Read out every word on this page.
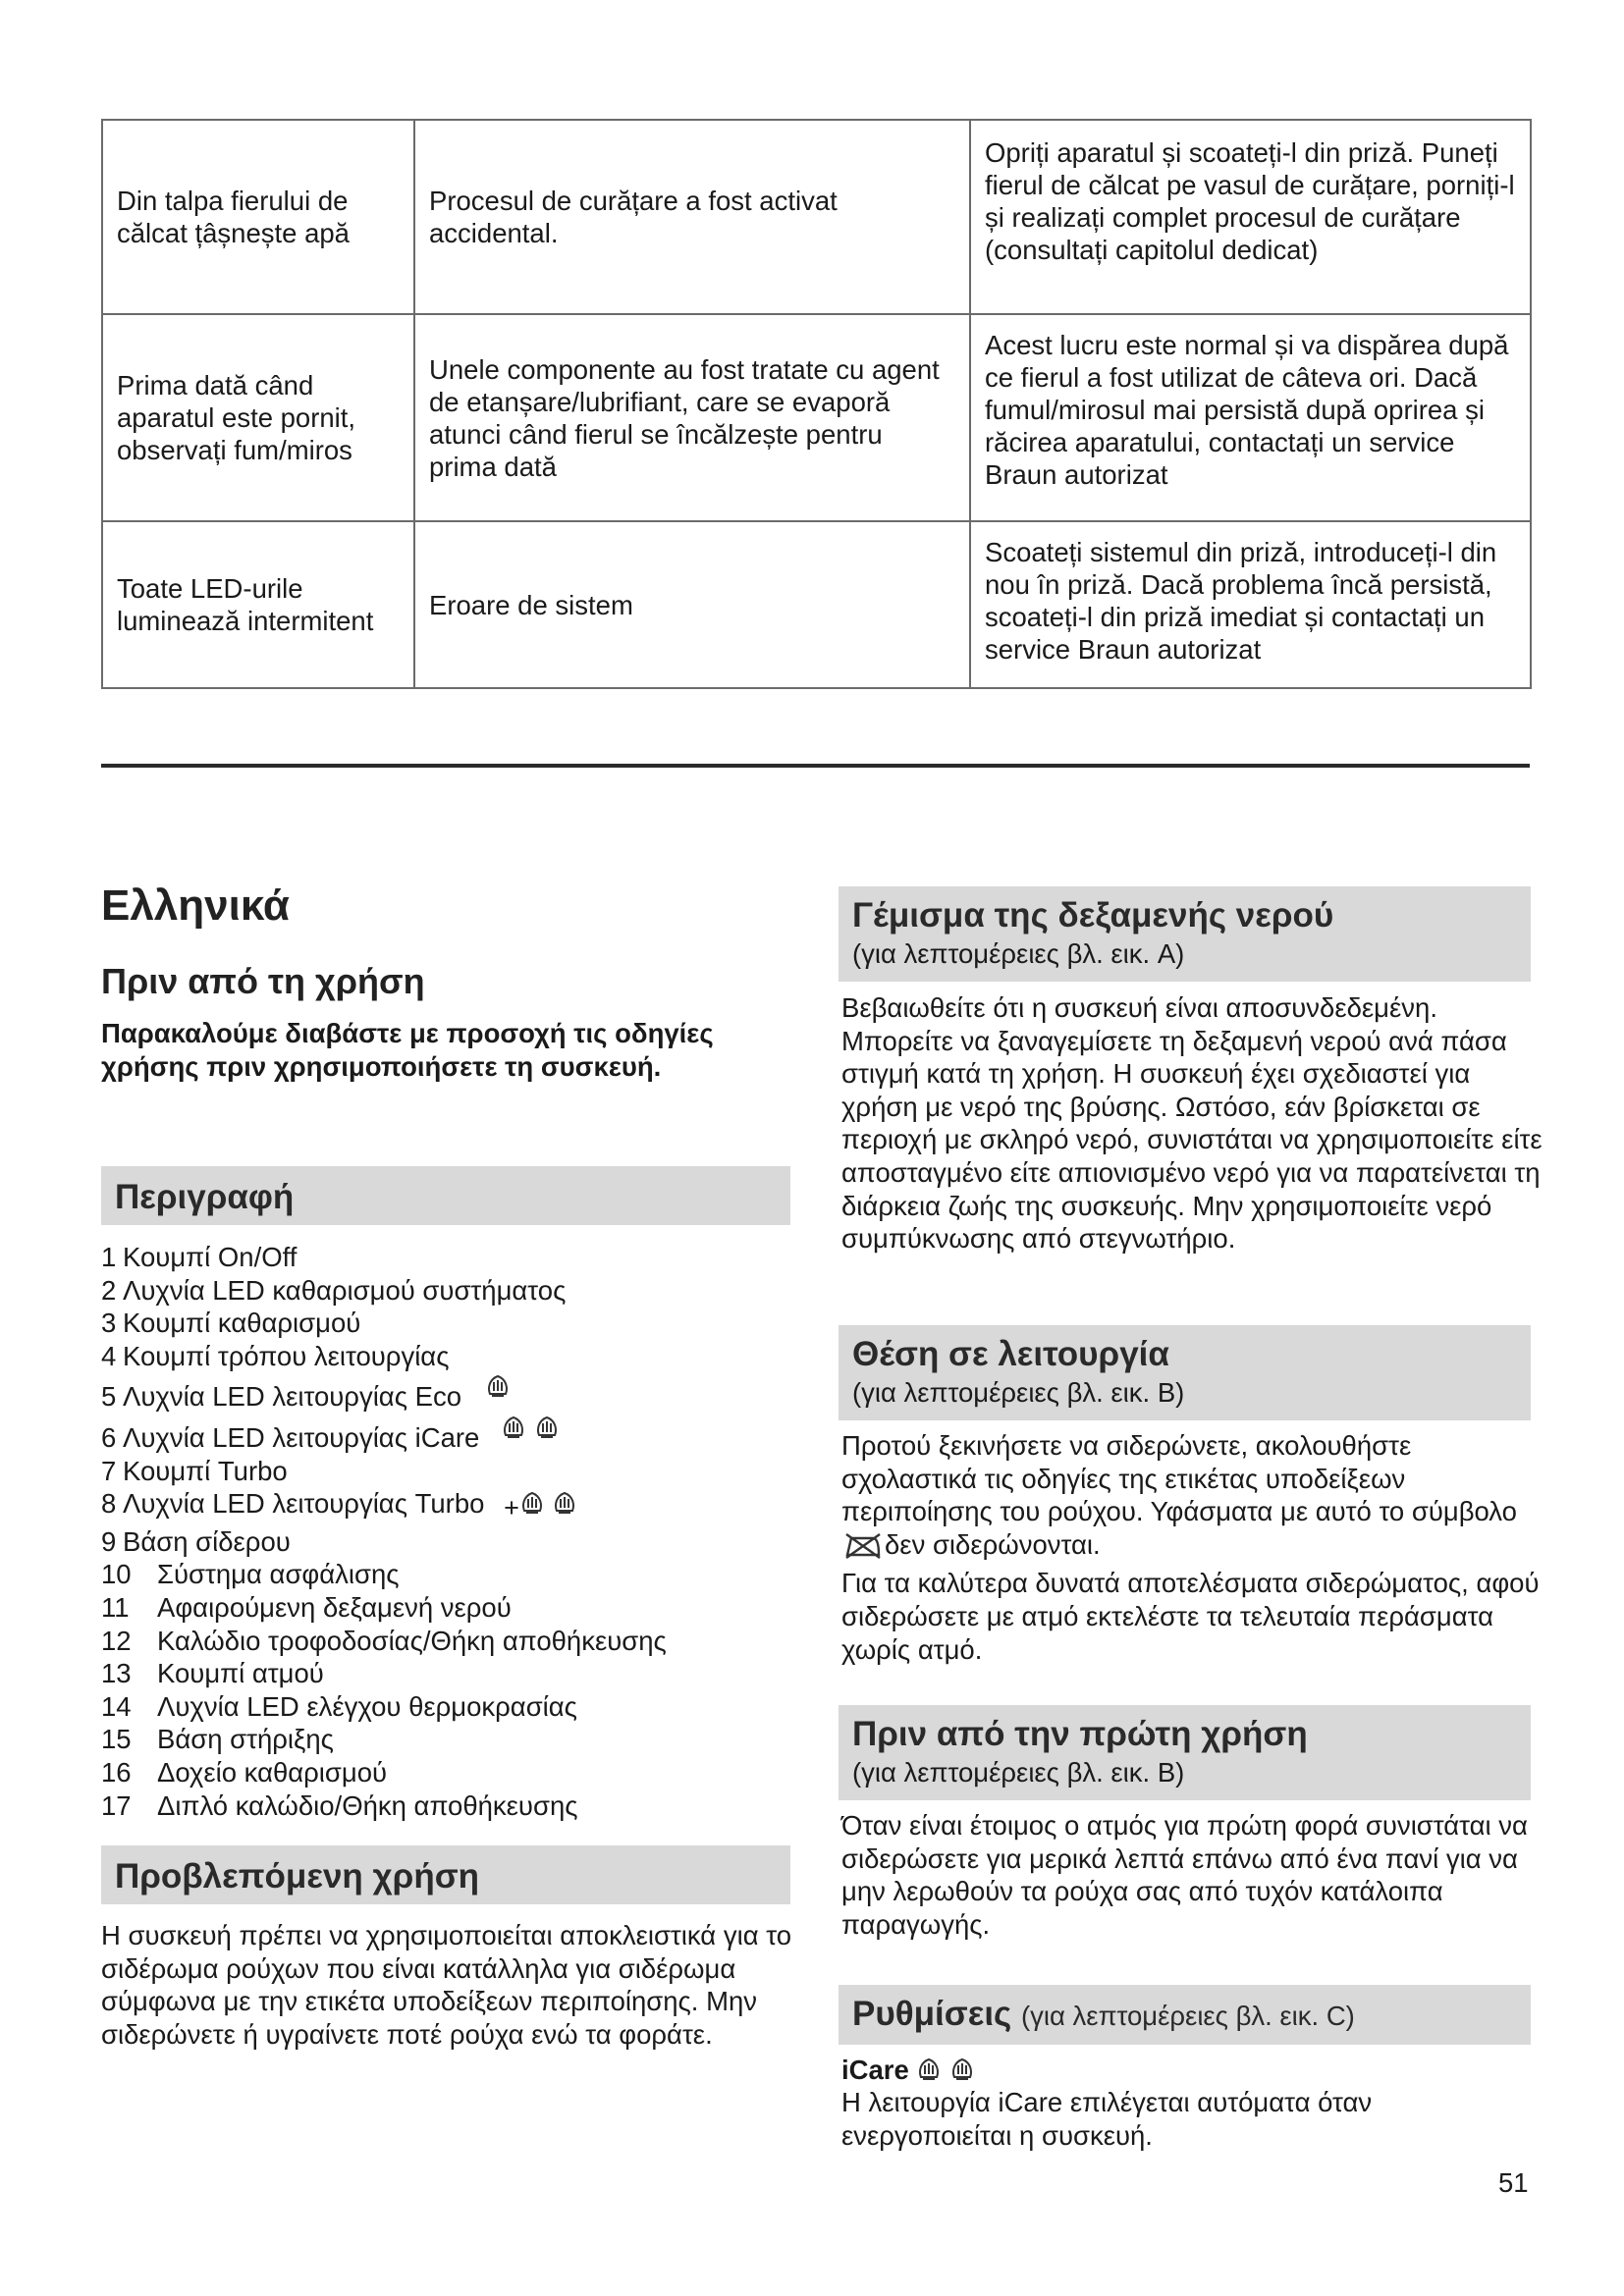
Din talpa fierului de călcat țâșnește apă	Procesul de curățare a fost activat accidental.	Opriți aparatul și scoateți-l din priză. Puneți fierul de călcat pe vasul de curățare, porniți-l și realizați complet procesul de curățare (consultați capitolul dedicat)
Prima dată când aparatul este pornit, observați fum/miros	Unele componente au fost tratate cu agent de etanșare/lubrifiant, care se evaporă atunci când fierul se încălzește pentru prima dată	Acest lucru este normal și va dispărea după ce fierul a fost utilizat de câteva ori. Dacă fumul/mirosul mai persistă după oprirea și răcirea aparatului, contactați un service Braun autorizat
Toate LED-urile luminează intermitent	Eroare de sistem	Scoateți sistemul din priză, introduceți-l din nou în priză. Dacă problema încă persistă, scoateți-l din priză imediat și contactați un service Braun autorizat
Ελληνικά
Πριν από τη χρήση

Παρακαλούμε διαβάστε με προσοχή τις οδηγίες χρήσης πριν χρησιμοποιήσετε τη συσκευή.

Περιγραφή
1 Κουμπί On/Off
2 Λυχνία LED καθαρισμού συστήματος
3 Κουμπί καθαρισμού
4 Κουμπί τρόπου λειτουργίας
5 Λυχνία LED λειτουργίας Eco
6 Λυχνία LED λειτουργίας iCare
7 Κουμπί Turbo
8 Λυχνία LED λειτουργίας Turbo +
9 Βάση σίδερου
10 Σύστημα ασφάλισης
11 Αφαιρούμενη δεξαμενή νερού
12 Καλώδιο τροφοδοσίας/Θήκη αποθήκευσης
13 Κουμπί ατμού
14 Λυχνία LED ελέγχου θερμοκρασίας
15 Βάση στήριξης
16 Δοχείο καθαρισμού
17 Διπλό καλώδιο/Θήκη αποθήκευσης
Προβλεπόμενη χρήση

Η συσκευή πρέπει να χρησιμοποιείται αποκλειστικά για το σιδέρωμα ρούχων που είναι κατάλληλα για σιδέρωμα σύμφωνα με την ετικέτα υποδείξεων περιποίησης. Μην σιδερώνετε ή υγραίνετε ποτέ ρούχα ενώ τα φοράτε.

Γέμισμα της δεξαμενής νερού
(για λεπτομέρειες βλ. εικ. A)

Βεβαιωθείτε ότι η συσκευή είναι αποσυνδεδεμένη. Μπορείτε να ξαναγεμίσετε τη δεξαμενή νερού ανά πάσα στιγμή κατά τη χρήση. Η συσκευή έχει σχεδιαστεί για χρήση με νερό της βρύσης. Ωστόσο, εάν βρίσκεται σε περιοχή με σκληρό νερό, συνιστάται να χρησιμοποιείτε είτε αποσταγμένο είτε απιονισμένο νερό για να παρατείνεται τη διάρκεια ζωής της συσκευής. Μην χρησιμοποιείτε νερό συμπύκνωσης από στεγνωτήριο.

Θέση σε λειτουργία
(για λεπτομέρειες βλ. εικ. B)

Προτού ξεκινήσετε να σιδερώνετε, ακολουθήστε σχολαστικά τις οδηγίες της ετικέτας υποδείξεων περιποίησης του ρούχου. Υφάσματα με αυτό το σύμβολοδεν σιδερώνονται.
Για τα καλύτερα δυνατά αποτελέσματα σιδερώματος, αφού σιδερώσετε με ατμό εκτελέστε τα τελευταία περάσματα χωρίς ατμό.

Πριν από την πρώτη χρήση
(για λεπτομέρειες βλ. εικ. B)

Όταν είναι έτοιμος ο ατμός για πρώτη φορά συνιστάται να σιδερώσετε για μερικά λεπτά επάνω από ένα πανί για να μην λερωθούν τα ρούχα σας από τυχόν κατάλοιπα παραγωγής.

Ρυθμίσεις (για λεπτομέρειες βλ. εικ. C)

iCare

Η λειτουργία iCare επιλέγεται αυτόματα όταν ενεργοποιείται η συσκευή.

51
